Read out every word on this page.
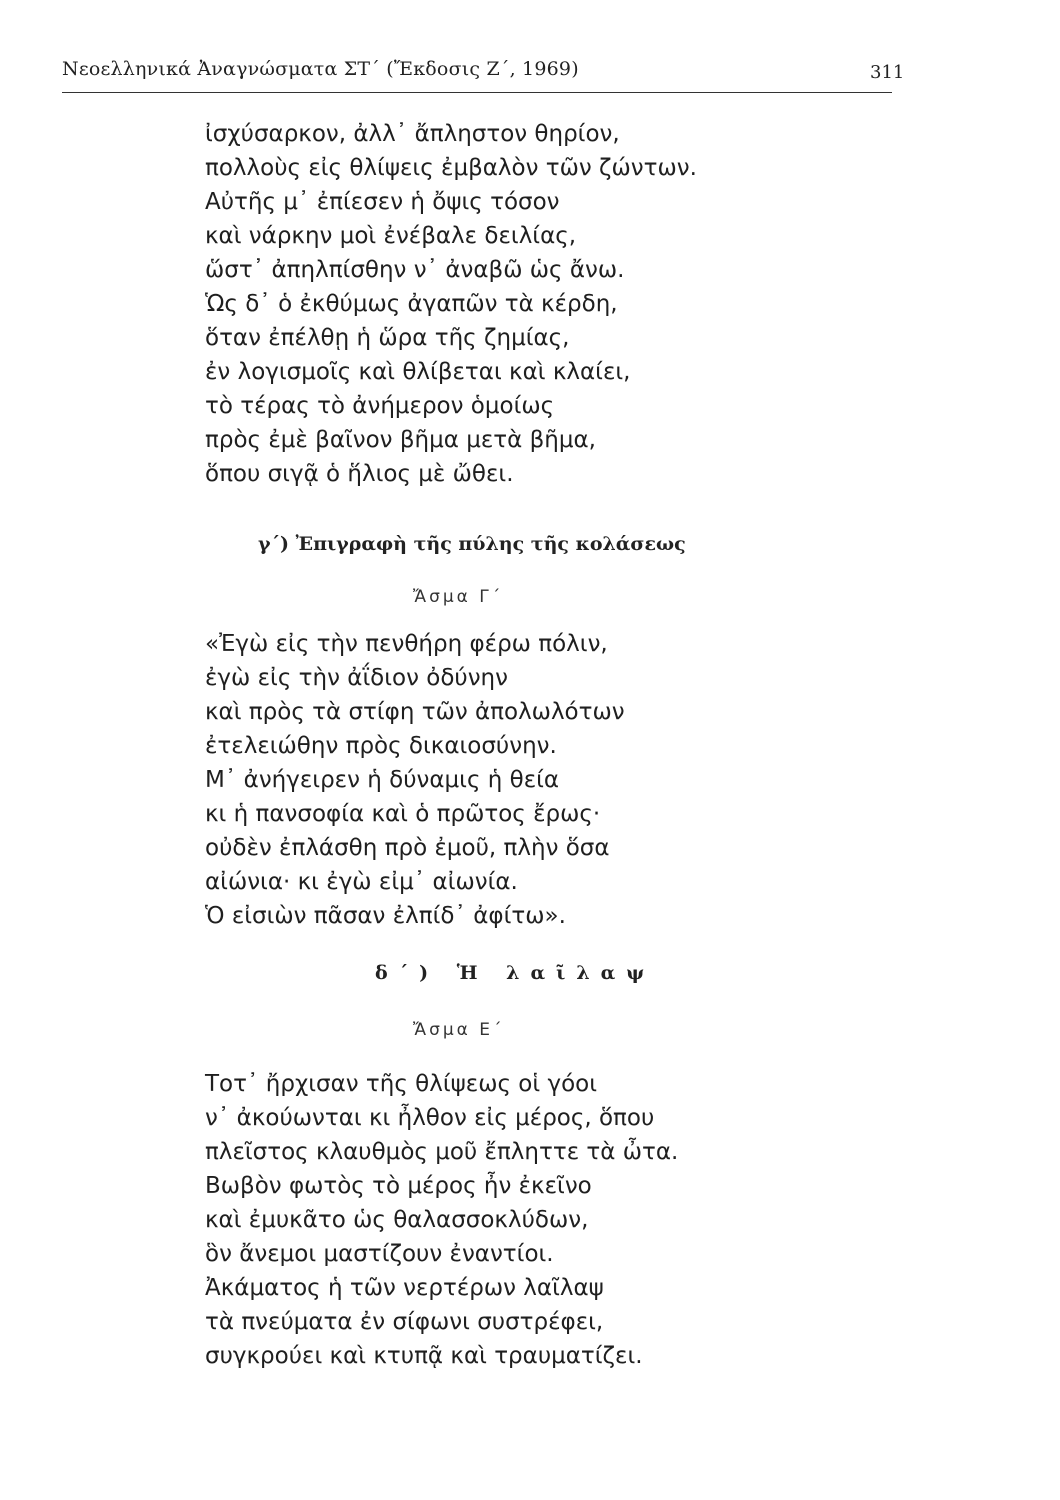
Νεοελληνικά Ἀναγνώσματα ΣΤ΄ (Ἔκδοσις Ζ΄, 1969)	311
ἰσχύσαρκον, ἀλλ᾽ ἄπληστον θηρίον,
πολλοὺς εἰς θλίψεις ἐμβαλὸν τῶν ζώντων.
Αὐτῆς μ᾽ ἐπίεσεν ἡ ὄψις τόσον
καὶ νάρκην μοὶ ἐνέβαλε δειλίας,
ὥστ᾽ ἀπηλπίσθην ν᾽ ἀναβῶ ὡς ἄνω.
Ὡς δ᾽ ὁ ἐκθύμως ἀγαπῶν τὰ κέρδη,
ὅταν ἐπέλθῃ ἡ ὥρα τῆς ζημίας,
ἐν λογισμοῖς καὶ θλίβεται καὶ κλαίει,
τὸ τέρας τὸ ἀνήμερον ὁμοίως
πρὸς ἐμὲ βαῖνον βῆμα μετὰ βῆμα,
ὅπου σιγᾷ ὁ ἥλιος μὲ ὤθει.
γ΄) Ἐπιγραφὴ τῆς πύλης τῆς κολάσεως
Ἄσμα Γ΄
«Ἐγὼ εἰς τὴν πενθήρη φέρω πόλιν,
ἐγὼ εἰς τὴν ἀΐδιον ὀδύνην
καὶ πρὸς τὰ στίφη τῶν ἀπολωλότων
ἐτελειώθην πρὸς δικαιοσύνην.
Μ᾽ ἀνήγειρεν ἡ δύναμις ἡ θεία
κι ἡ πανσοφία καὶ ὁ πρῶτος ἔρως·
οὐδὲν ἐπλάσθη πρὸ ἐμοῦ, πλὴν ὅσα
αἰώνια· κι ἐγὼ εἰμ᾽ αἰωνία.
Ὁ εἰσιὼν πᾶσαν ἐλπίδ᾽ ἀφίτω».
δ΄) Ἡ λαῖλαψ
Ἄσμα Ε΄
Τοτ᾽ ἤρχισαν τῆς θλίψεως οἱ γόοι
ν᾽ ἀκούωνται κι ἦλθον εἰς μέρος, ὅπου
πλεῖστος κλαυθμὸς μοῦ ἔπληττε τὰ ὦτα.
Βωβὸν φωτὸς τὸ μέρος ἦν ἐκεῖνο
καὶ ἐμυκᾶτο ὡς θαλασσοκλύδων,
ὃν ἄνεμοι μαστίζουν ἐναντίοι.
Ἀκάματος ἡ τῶν νερτέρων λαῖλαψ
τὰ πνεύματα ἐν σίφωνι συστρέφει,
συγκρούει καὶ κτυπᾷ καὶ τραυματίζει.
